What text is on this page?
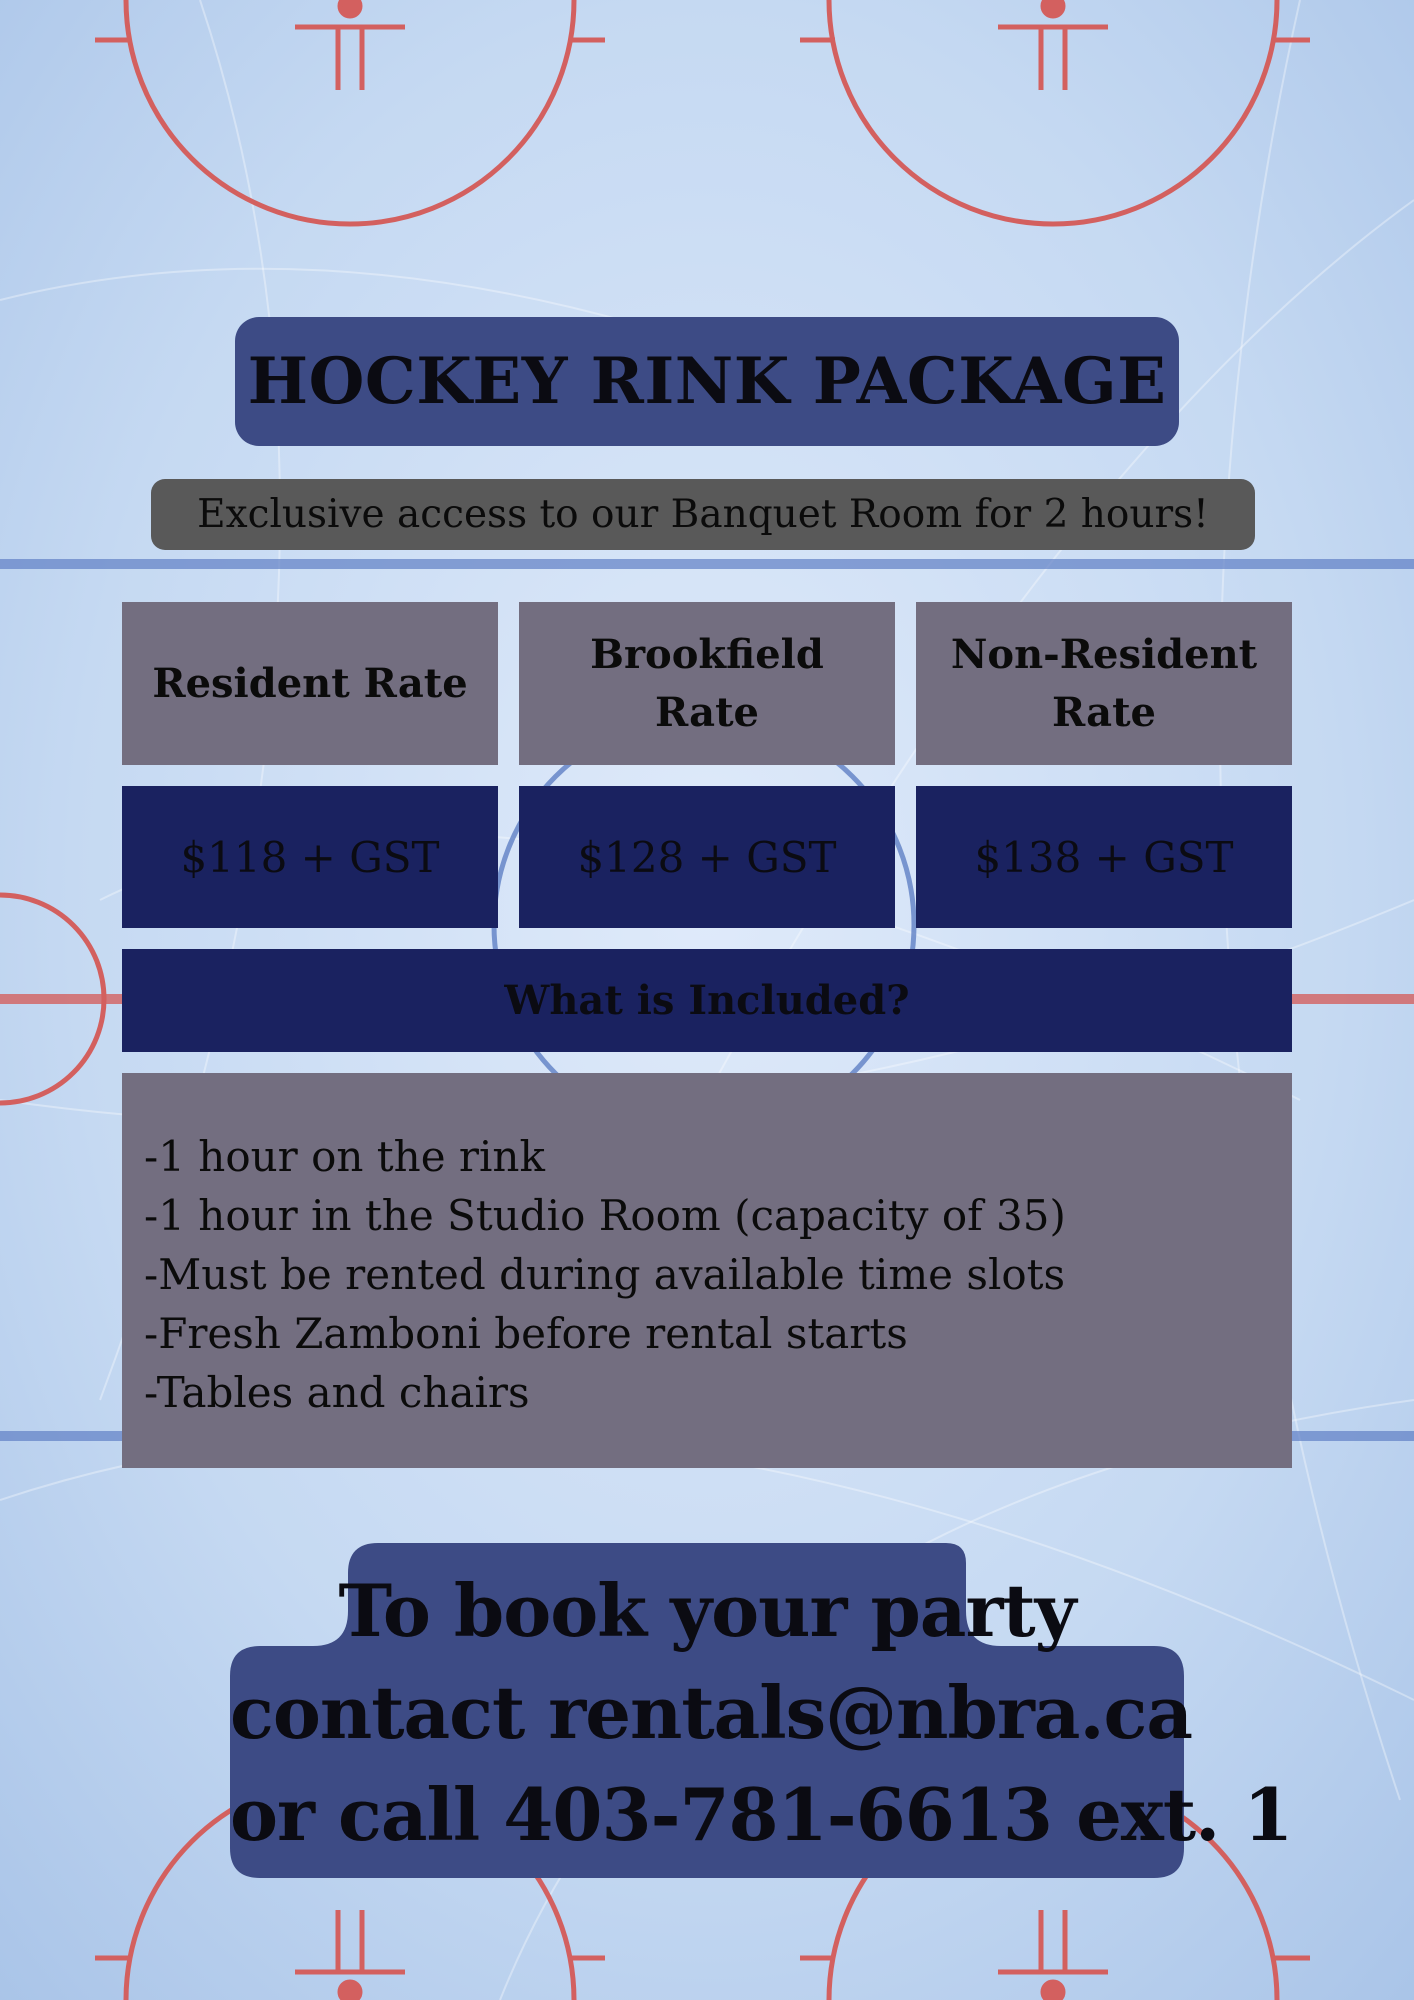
HOCKEY RINK PACKAGE
Exclusive access to our Banquet Room for 2 hours!
Resident Rate
Brookfield Rate
Non-Resident Rate
$118 + GST	$128 + GST	$138 + GST
What is Included?
-1 hour on the rink
-1 hour in the Studio Room (capacity of 35)
-Must be rented during available time slots
-Fresh Zamboni before rental starts
-Tables and chairs
To book your party
contact rentals@nbra.ca
or call 403-781-6613 ext. 1
